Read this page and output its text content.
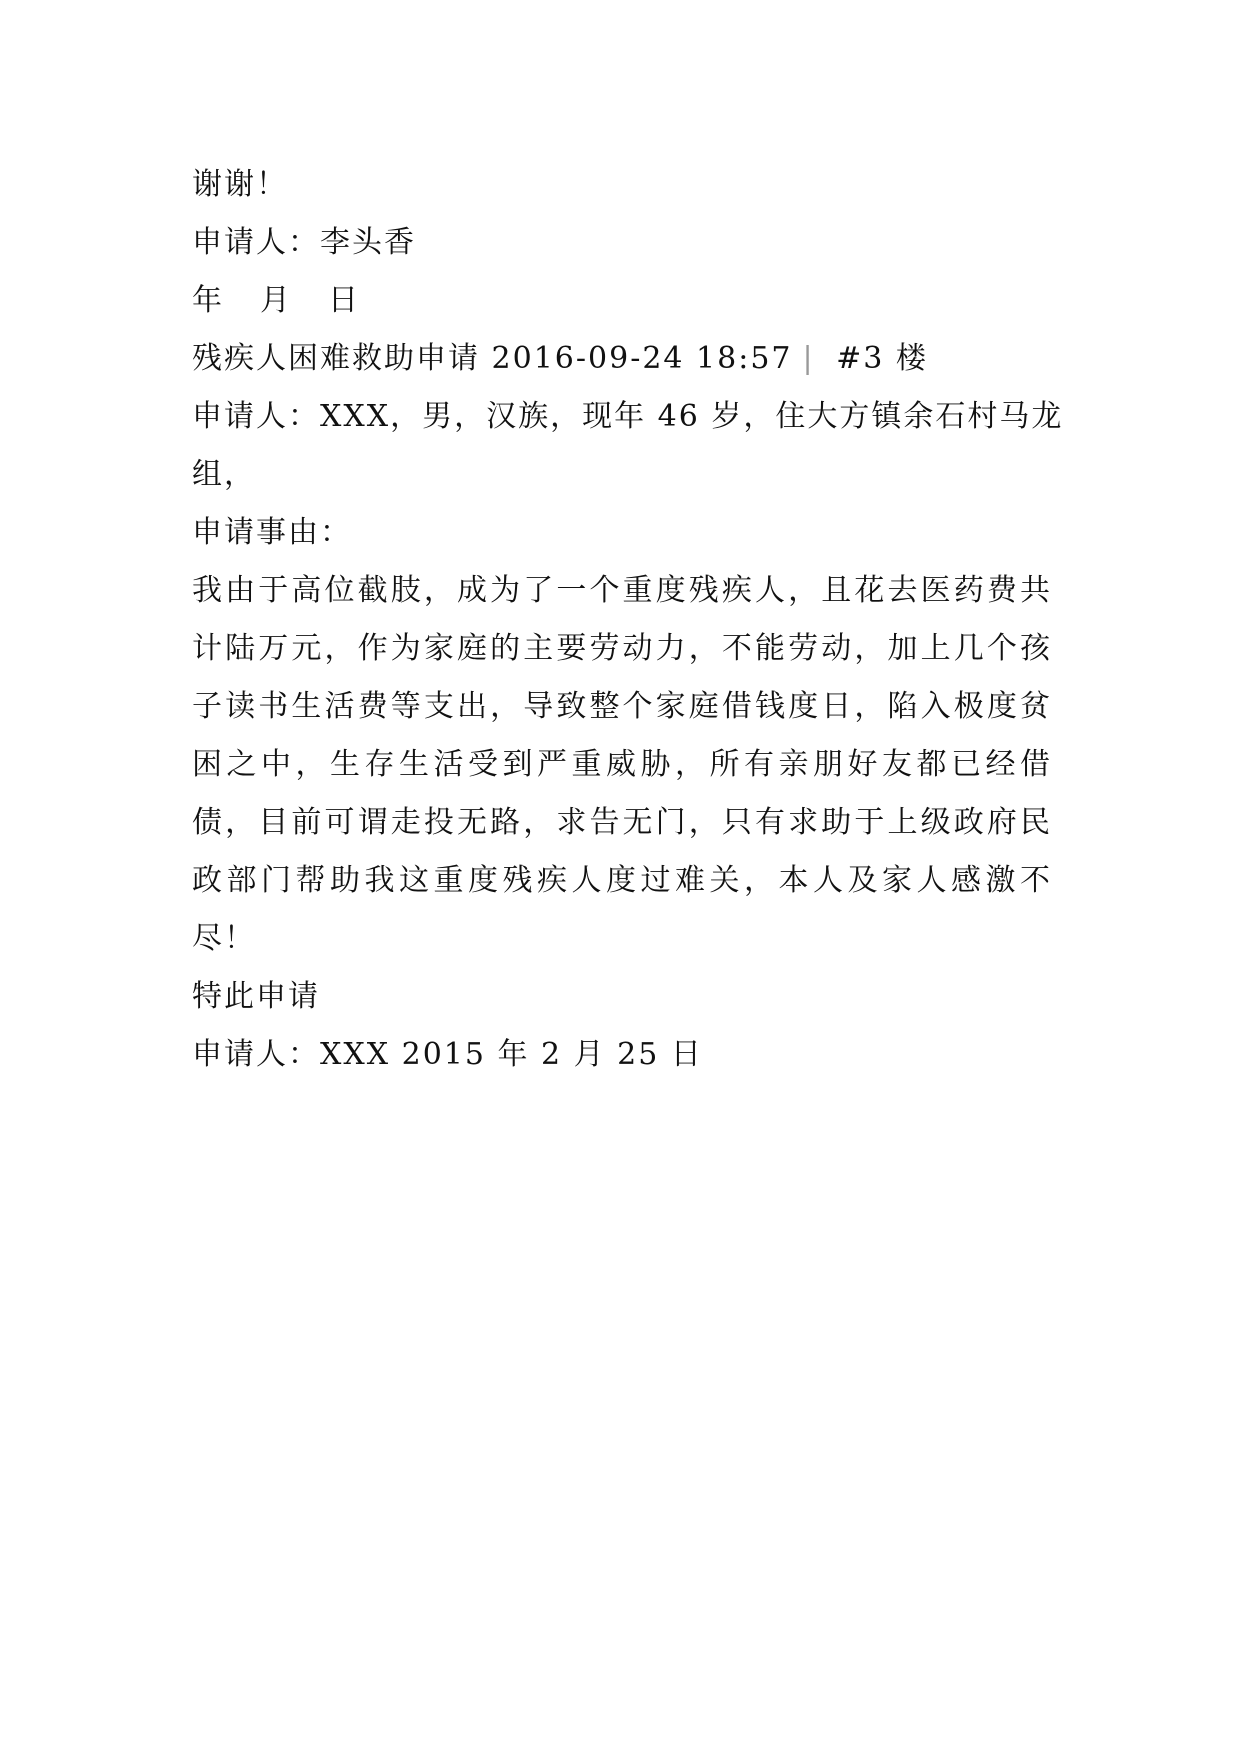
谢谢！
申请人：李头香
年 月 日
残疾人困难救助申请 2016-09-24 18:57 | #3 楼
申请人：XXX，男，汉族，现年 46 岁，住大方镇余石村马龙
组，
申请事由：
我由于高位截肢，成为了一个重度残疾人，且花去医药费共计陆万元，作为家庭的主要劳动力，不能劳动，加上几个孩子读书生活费等支出，导致整个家庭借钱度日，陷入极度贫困之中，生存生活受到严重威胁，所有亲朋好友都已经借债，目前可谓走投无路，求告无门，只有求助于上级政府民政部门帮助我这重度残疾人度过难关，本人及家人感激不尽！
特此申请
申请人：XXX 2015 年 2 月 25 日
